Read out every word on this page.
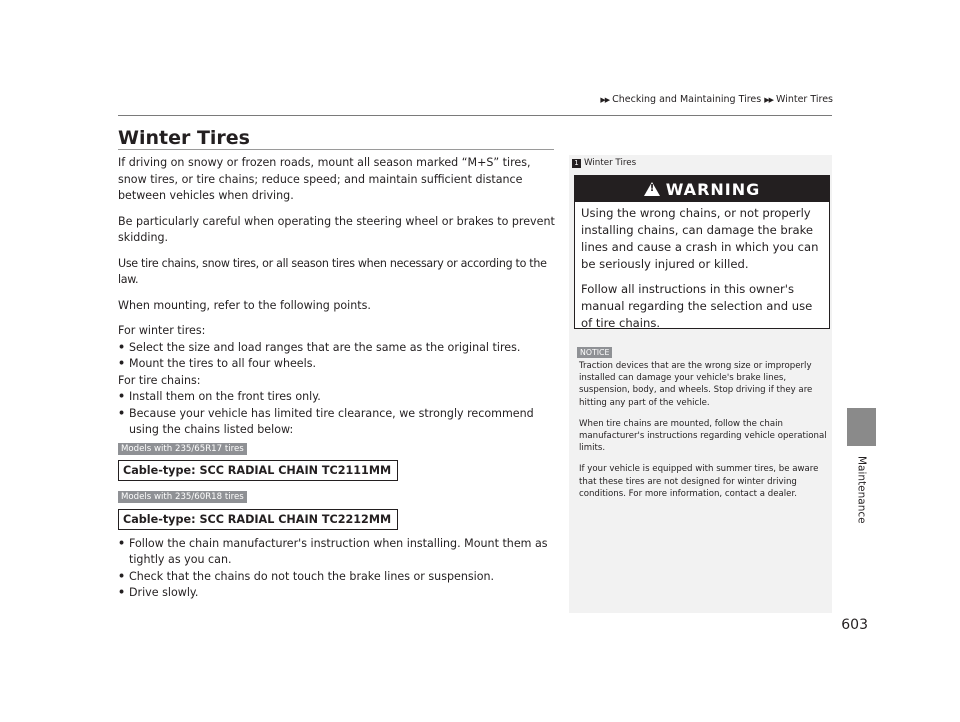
▶▶ Checking and Maintaining Tires ▶▶ Winter Tires
Maintenance
603
Winter Tires

If driving on snowy or frozen roads, mount all season marked “M+S” tires, snow tires, or tire chains; reduce speed; and maintain sufficient distance between vehicles when driving.

Be particularly careful when operating the steering wheel or brakes to prevent skidding.

Use tire chains, snow tires, or all season tires when necessary or according to the law.

When mounting, refer to the following points.

For winter tires:

• Select the size and load ranges that are the same as the original tires.
• Mount the tires to all four wheels.

For tire chains:

• Install them on the front tires only.
• Because your vehicle has limited tire clearance, we strongly recommend using the chains listed below:
Models with 235/65R17 tires
Cable-type: SCC RADIAL CHAIN TC2111MM
Models with 235/60R18 tires
Cable-type: SCC RADIAL CHAIN TC2212MM
• Follow the chain manufacturer's instruction when installing. Mount them as tightly as you can.
• Check that the chains do not touch the brake lines or suspension.
• Drive slowly.
1 Winter Tires
!
WARNING

Using the wrong chains, or not properly installing chains, can damage the brake lines and cause a crash in which you can be seriously injured or killed.

Follow all instructions in this owner's manual regarding the selection and use of tire chains.

NOTICE

Traction devices that are the wrong size or improperly installed can damage your vehicle's brake lines, suspension, body, and wheels. Stop driving if they are hitting any part of the vehicle.

When tire chains are mounted, follow the chain manufacturer's instructions regarding vehicle operational limits.

If your vehicle is equipped with summer tires, be aware that these tires are not designed for winter driving conditions. For more information, contact a dealer.
